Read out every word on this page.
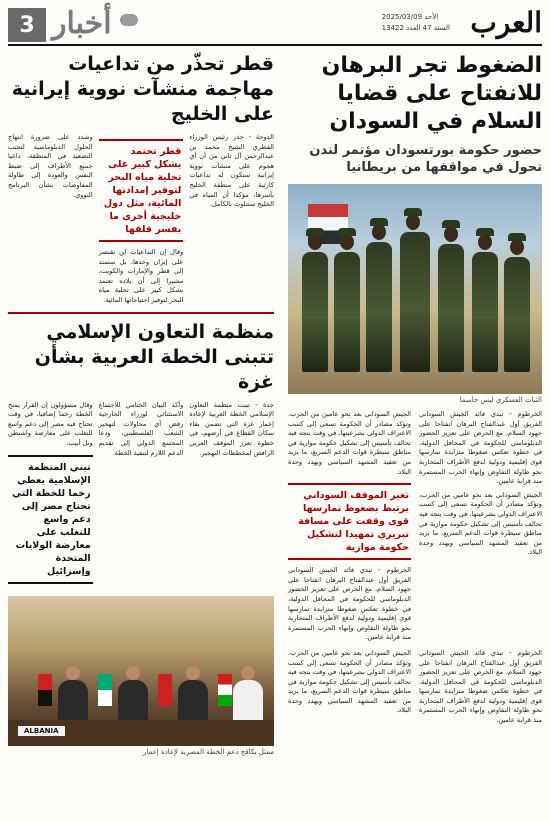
العرب
الأحد 2025/03/09
السنة 47 العدد 13422
3 أخبار
الضغوط تجر البرهان للانفتاح على قضايا السلام في السودان
حضور حكومة بورتسودان مؤتمر لندن تحول في مواقفها من بريطانيا
الثبات العسكري ليس حاسما
الخرطوم - تبدي قائد الجيش السوداني الفريق أول عبدالفتاح البرهان انفتاحا على جهود السلام، مع الحرص على تعزيز الحضور الدبلوماسي للحكومة في المحافل الدولية، في خطوة تعكس ضغوطا متزايدة تمارسها قوى إقليمية ودولية لدفع الأطراف المتحاربة نحو طاولة التفاوض وإنهاء الحرب المستمرة منذ قرابة عامين.
الجيش السوداني بعد نحو عامين من الحرب، وتؤكد مصادر أن الحكومة تسعى إلى كسب الاعتراف الدولي بشرعيتها، في وقت يتجه فيه تحالف تأسيس إلى تشكيل حكومة موازية في مناطق سيطرة قوات الدعم السريع، ما يزيد من تعقيد المشهد السياسي ويهدد وحدة البلاد.
الجيش السوداني بعد نحو عامين من الحرب، وتؤكد مصادر أن الحكومة تسعى إلى كسب الاعتراف الدولي بشرعيتها، في وقت يتجه فيه تحالف تأسيس إلى تشكيل حكومة موازية في مناطق سيطرة قوات الدعم السريع، ما يزيد من تعقيد المشهد السياسي ويهدد وحدة البلاد.
تغير الموقف السوداني يرتبط بضغوط تمارسها قوى وقفت على مسافة تبريري تمهيدا لتشكيل حكومة موازية
الخرطوم - تبدي قائد الجيش السوداني الفريق أول عبدالفتاح البرهان انفتاحا على جهود السلام، مع الحرص على تعزيز الحضور الدبلوماسي للحكومة في المحافل الدولية، في خطوة تعكس ضغوطا متزايدة تمارسها قوى إقليمية ودولية لدفع الأطراف المتحاربة نحو طاولة التفاوض وإنهاء الحرب المستمرة منذ قرابة عامين.
الخرطوم - تبدي قائد الجيش السوداني الفريق أول عبدالفتاح البرهان انفتاحا على جهود السلام، مع الحرص على تعزيز الحضور الدبلوماسي للحكومة في المحافل الدولية، في خطوة تعكس ضغوطا متزايدة تمارسها قوى إقليمية ودولية لدفع الأطراف المتحاربة نحو طاولة التفاوض وإنهاء الحرب المستمرة منذ قرابة عامين.
الجيش السوداني بعد نحو عامين من الحرب، وتؤكد مصادر أن الحكومة تسعى إلى كسب الاعتراف الدولي بشرعيتها، في وقت يتجه فيه تحالف تأسيس إلى تشكيل حكومة موازية في مناطق سيطرة قوات الدعم السريع، ما يزيد من تعقيد المشهد السياسي ويهدد وحدة البلاد.
قطر تحذّر من تداعيات مهاجمة منشآت نووية إيرانية على الخليج
الدوحة - حذر رئيس الوزراء القطري الشيخ محمد بن عبدالرحمن آل ثاني من أن أي هجوم على منشآت نووية إيرانية ستكون له تداعيات كارثية على منطقة الخليج بأسرها، مؤكدا أن المياه في الخليج ستتلوث بالكامل.
قطر تحتمد بشكل كبير على تحلية مياه البحر لتوفير إمدادتها المائية، مثل دول خليجية أخرى ما يفسر قلقها
وقال إن التداعيات لن تقتصر على إيران وحدها، بل ستمتد إلى قطر والإمارات والكويت، مشيرا إلى أن بلاده تعتمد بشكل كبير على تحلية مياه البحر لتوفير احتياجاتها المائية.
وشدد على ضرورة انتهاج الحلول الدبلوماسية لتجنب التصعيد في المنطقة، داعيا جميع الأطراف إلى ضبط النفس والعودة إلى طاولة المفاوضات بشأن البرنامج النووي.
منظمة التعاون الإسلامي تتبنى الخطة العربية بشأن غزة
جدة - تبنت منظمة التعاون الإسلامي الخطة العربية لإعادة إعمار غزة التي تضمن بقاء سكان القطاع في أرضهم، في خطوة تعزز الموقف العربي الرافض لمخططات التهجير.
وأكد البيان الختامي للاجتماع الاستثنائي لوزراء الخارجية رفض أي محاولات لتهجير الشعب الفلسطيني، ودعا المجتمع الدولي إلى تقديم الدعم اللازم لتنفيذ الخطة.
وقال مسؤولون إن القرار يمنح الخطة زخما إضافيا، في وقت تحتاج فيه مصر إلى دعم واسع للتغلب على معارضة واشنطن وتل أبيب.
تبني المنظمة الإسلامية يعطي زخما للخطة التي تحتاج مصر إلى دعم واسع للتغلب على معارضة الولايات المتحدة وإسرائيل
ALBANIA
ممثل يكافح دعم الخطة المصرية لإعادة إعمار
